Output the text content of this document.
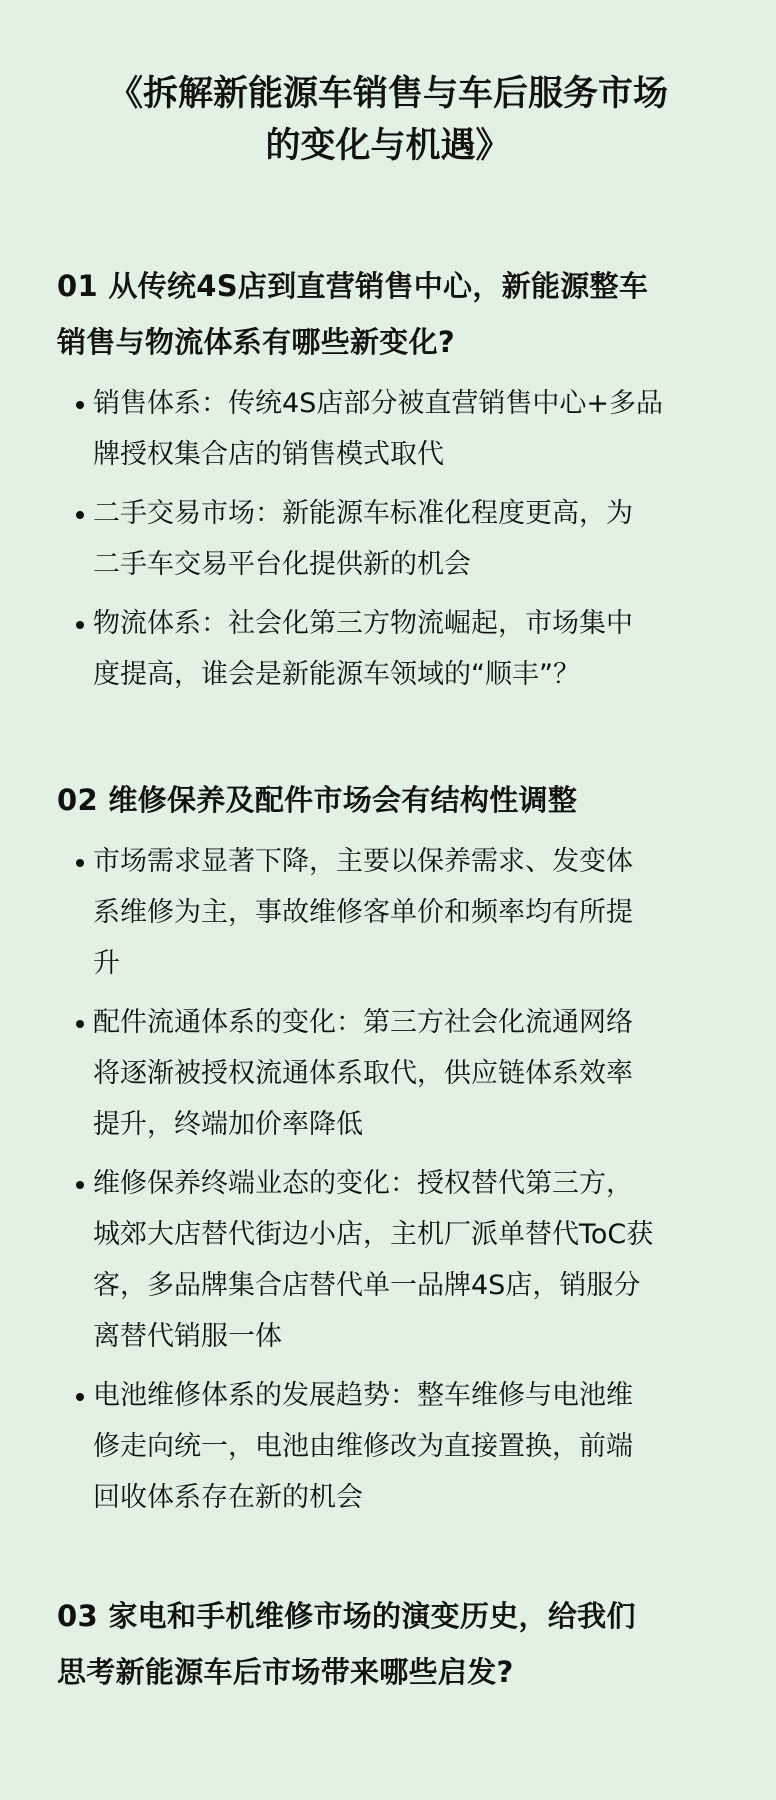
《拆解新能源车销售与车后服务市场
的变化与机遇》
01 从传统4S店到直营销售中心，新能源整车
销售与物流体系有哪些新变化?
销售体系：传统4S店部分被直营销售中心+多品
牌授权集合店的销售模式取代
二手交易市场：新能源车标准化程度更高，为
二手车交易平台化提供新的机会
物流体系：社会化第三方物流崛起，市场集中
度提高，谁会是新能源车领域的“顺丰”？
02 维修保养及配件市场会有结构性调整
市场需求显著下降，主要以保养需求、发变体
系维修为主，事故维修客单价和频率均有所提
升
配件流通体系的变化：第三方社会化流通网络
将逐渐被授权流通体系取代，供应链体系效率
提升，终端加价率降低
维修保养终端业态的变化：授权替代第三方，
城郊大店替代街边小店，主机厂派单替代ToC获
客，多品牌集合店替代单一品牌4S店，销服分
离替代销服一体
电池维修体系的发展趋势：整车维修与电池维
修走向统一，电池由维修改为直接置换，前端
回收体系存在新的机会
03 家电和手机维修市场的演变历史，给我们
思考新能源车后市场带来哪些启发?
